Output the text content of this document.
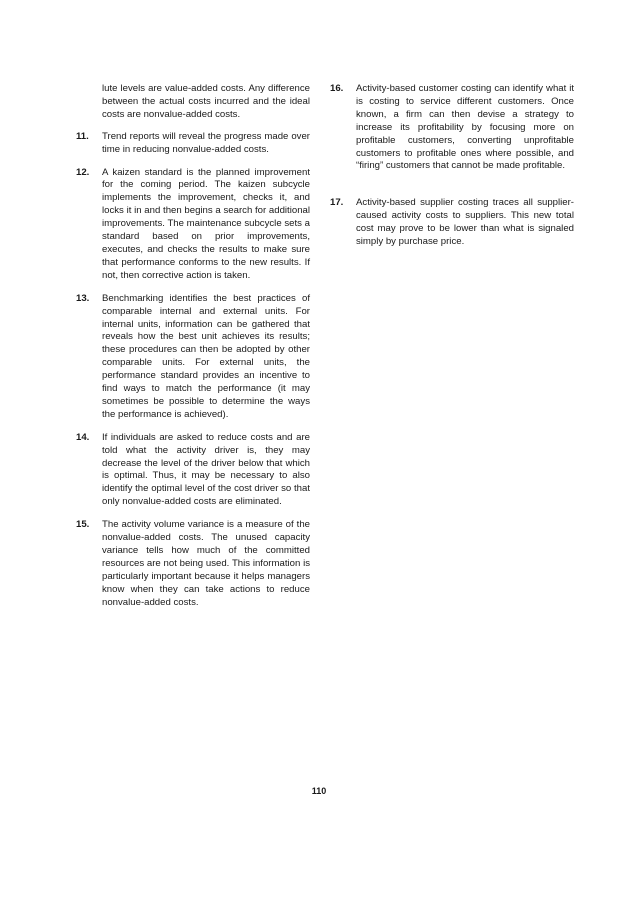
lute levels are value-added costs. Any difference between the actual costs incurred and the ideal costs are nonvalue-added costs.
11.	Trend reports will reveal the progress made over time in reducing nonvalue-added costs.
12.	A kaizen standard is the planned improvement for the coming period. The kaizen subcycle implements the improvement, checks it, and locks it in and then begins a search for additional improvements. The maintenance subcycle sets a standard based on prior improvements, executes, and checks the results to make sure that performance conforms to the new results. If not, then corrective action is taken.
13.	Benchmarking identifies the best practices of comparable internal and external units. For internal units, information can be gathered that reveals how the best unit achieves its results; these procedures can then be adopted by other comparable units. For external units, the performance standard provides an incentive to find ways to match the performance (it may sometimes be possible to determine the ways the performance is achieved).
14.	If individuals are asked to reduce costs and are told what the activity driver is, they may decrease the level of the driver below that which is optimal. Thus, it may be necessary to also identify the optimal level of the cost driver so that only nonvalue-added costs are eliminated.
15.	The activity volume variance is a measure of the nonvalue-added costs. The unused capacity variance tells how much of the committed resources are not being used. This information is particularly important because it helps managers know when they can take actions to reduce nonvalue-added costs.
16.	Activity-based customer costing can identify what it is costing to service different customers. Once known, a firm can then devise a strategy to increase its profitability by focusing more on profitable customers, converting unprofitable customers to profitable ones where possible, and “firing” customers that cannot be made profitable.
17.	Activity-based supplier costing traces all supplier-caused activity costs to suppliers. This new total cost may prove to be lower than what is signaled simply by purchase price.
110
